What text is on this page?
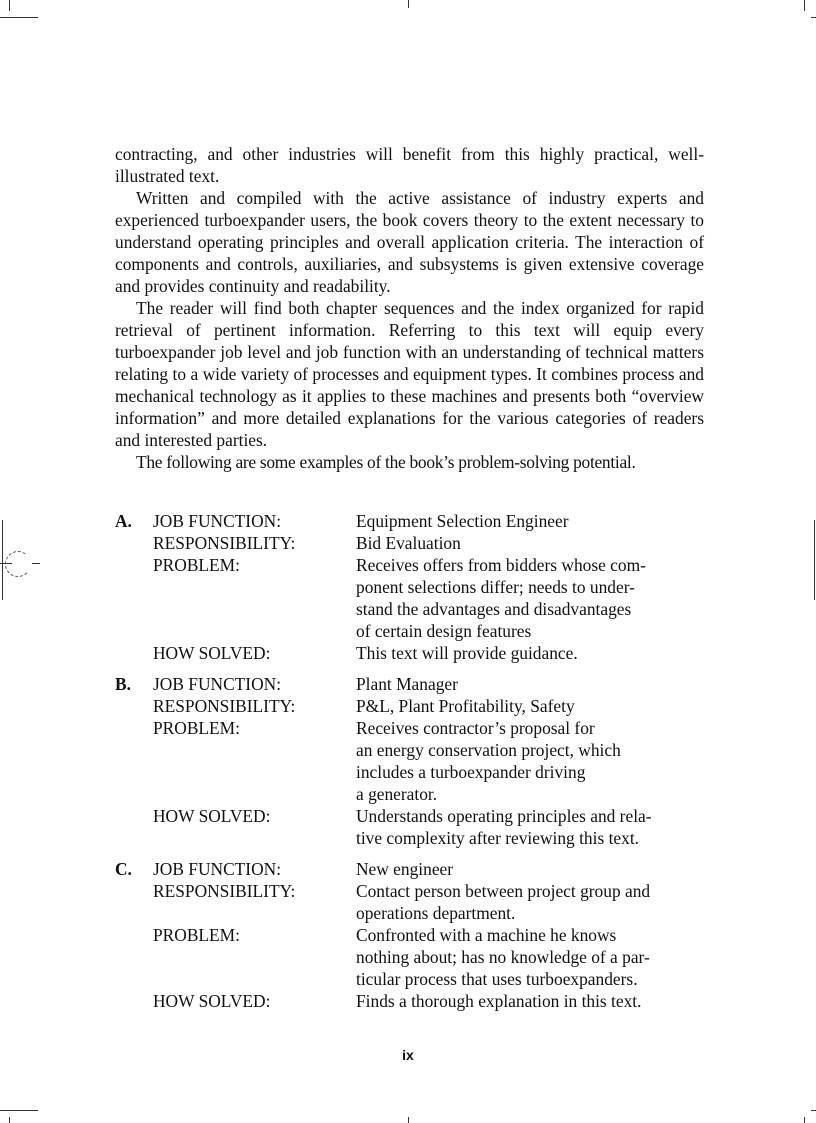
contracting, and other industries will benefit from this highly practical, well-illustrated text.

Written and compiled with the active assistance of industry experts and experienced turboexpander users, the book covers theory to the extent necessary to understand operating principles and overall application criteria. The interaction of components and controls, auxiliaries, and subsystems is given extensive coverage and provides continuity and readability.

The reader will find both chapter sequences and the index organized for rapid retrieval of pertinent information. Referring to this text will equip every turboexpander job level and job function with an understanding of technical matters relating to a wide variety of processes and equipment types. It combines process and mechanical technology as it applies to these machines and presents both “overview information” and more detailed explanations for the various categories of readers and interested parties.

The following are some examples of the book’s problem-solving potential.

A.	JOB FUNCTION:	Equipment Selection Engineer
RESPONSIBILITY:	Bid Evaluation
PROBLEM:	Receives offers from bidders whose com-
ponent selections differ; needs to under-
stand the advantages and disadvantages
of certain design features
HOW SOLVED:	This text will provide guidance.
B.	JOB FUNCTION:	Plant Manager
RESPONSIBILITY:	P&L, Plant Profitability, Safety
PROBLEM:	Receives contractor’s proposal for
an energy conservation project, which
includes a turboexpander driving
a generator.
HOW SOLVED:	Understands operating principles and rela-
tive complexity after reviewing this text.
C.	JOB FUNCTION:	New engineer
RESPONSIBILITY:	Contact person between project group and
operations department.
PROBLEM:	Confronted with a machine he knows
nothing about; has no knowledge of a par-
ticular process that uses turboexpanders.
HOW SOLVED:	Finds a thorough explanation in this text.
ix
